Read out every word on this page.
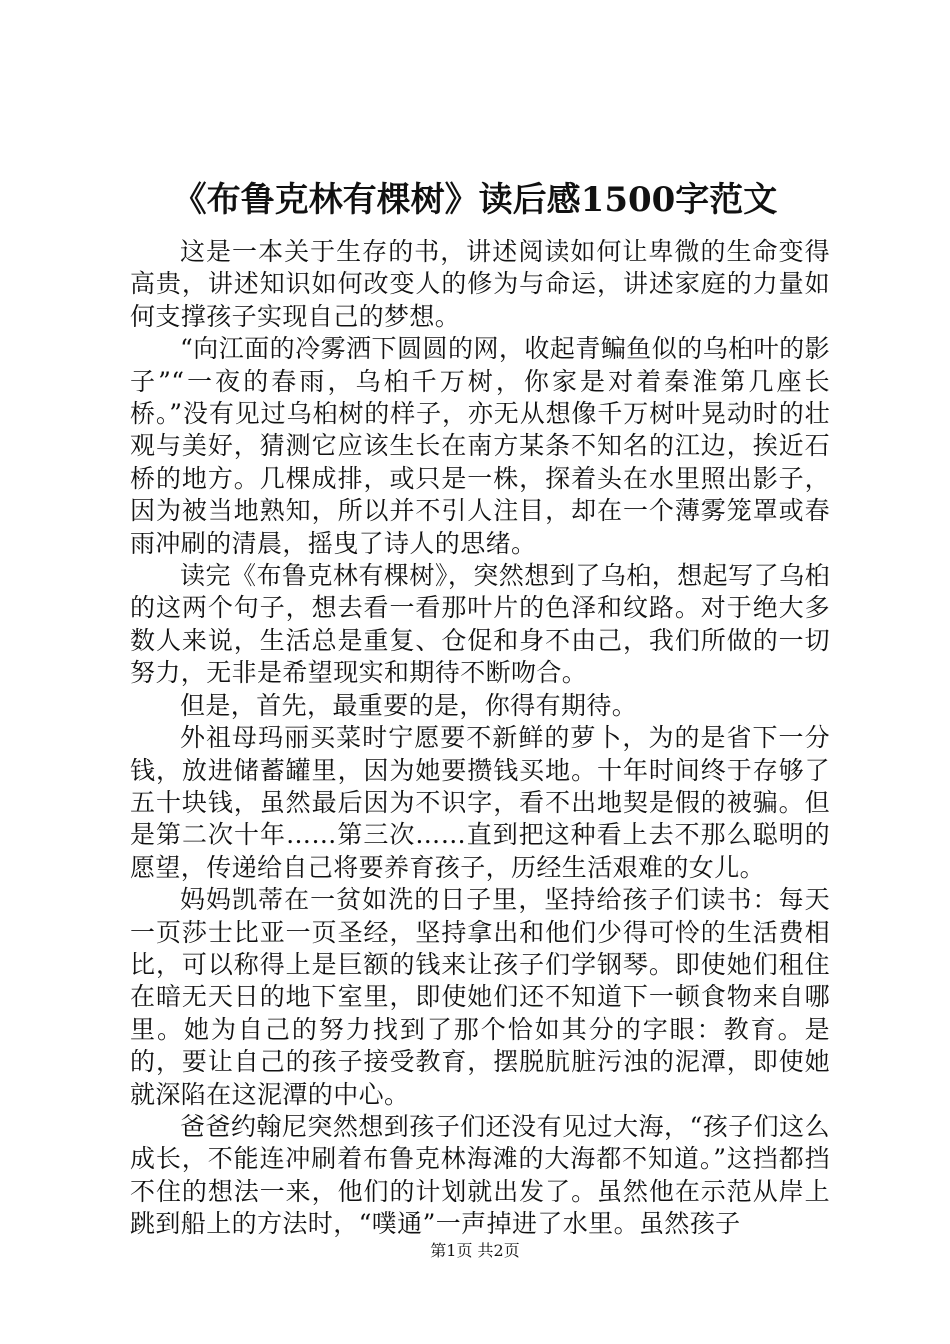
《布鲁克林有棵树》读后感1500字范文

这是一本关于生存的书，讲述阅读如何让卑微的生命变得高贵，讲述知识如何改变人的修为与命运，讲述家庭的力量如何支撑孩子实现自己的梦想。

“向江面的冷雾洒下圆圆的网，收起青鳊鱼似的乌桕叶的影子”“一夜的春雨，乌桕千万树，你家是对着秦淮第几座长桥。”没有见过乌桕树的样子，亦无从想像千万树叶晃动时的壮观与美好，猜测它应该生长在南方某条不知名的江边，挨近石桥的地方。几棵成排，或只是一株，探着头在水里照出影子，因为被当地熟知，所以并不引人注目，却在一个薄雾笼罩或春雨冲刷的清晨，摇曳了诗人的思绪。

读完《布鲁克林有棵树》，突然想到了乌桕，想起写了乌桕的这两个句子，想去看一看那叶片的色泽和纹路。对于绝大多数人来说，生活总是重复、仓促和身不由己，我们所做的一切努力，无非是希望现实和期待不断吻合。

但是，首先，最重要的是，你得有期待。

外祖母玛丽买菜时宁愿要不新鲜的萝卜，为的是省下一分钱，放进储蓄罐里，因为她要攒钱买地。十年时间终于存够了五十块钱，虽然最后因为不识字，看不出地契是假的被骗。但是第二次十年……第三次……直到把这种看上去不那么聪明的愿望，传递给自己将要养育孩子，历经生活艰难的女儿。

妈妈凯蒂在一贫如洗的日子里，坚持给孩子们读书：每天一页莎士比亚一页圣经，坚持拿出和他们少得可怜的生活费相比，可以称得上是巨额的钱来让孩子们学钢琴。即使她们租住在暗无天日的地下室里，即使她们还不知道下一顿食物来自哪里。她为自己的努力找到了那个恰如其分的字眼：教育。是的，要让自己的孩子接受教育，摆脱肮脏污浊的泥潭，即使她就深陷在这泥潭的中心。

爸爸约翰尼突然想到孩子们还没有见过大海，“孩子们这么成长，不能连冲刷着布鲁克林海滩的大海都不知道。”这挡都挡不住的想法一来，他们的计划就出发了。虽然他在示范从岸上跳到船上的方法时，“噗通”一声掉进了水里。虽然孩子

第1页 共2页
